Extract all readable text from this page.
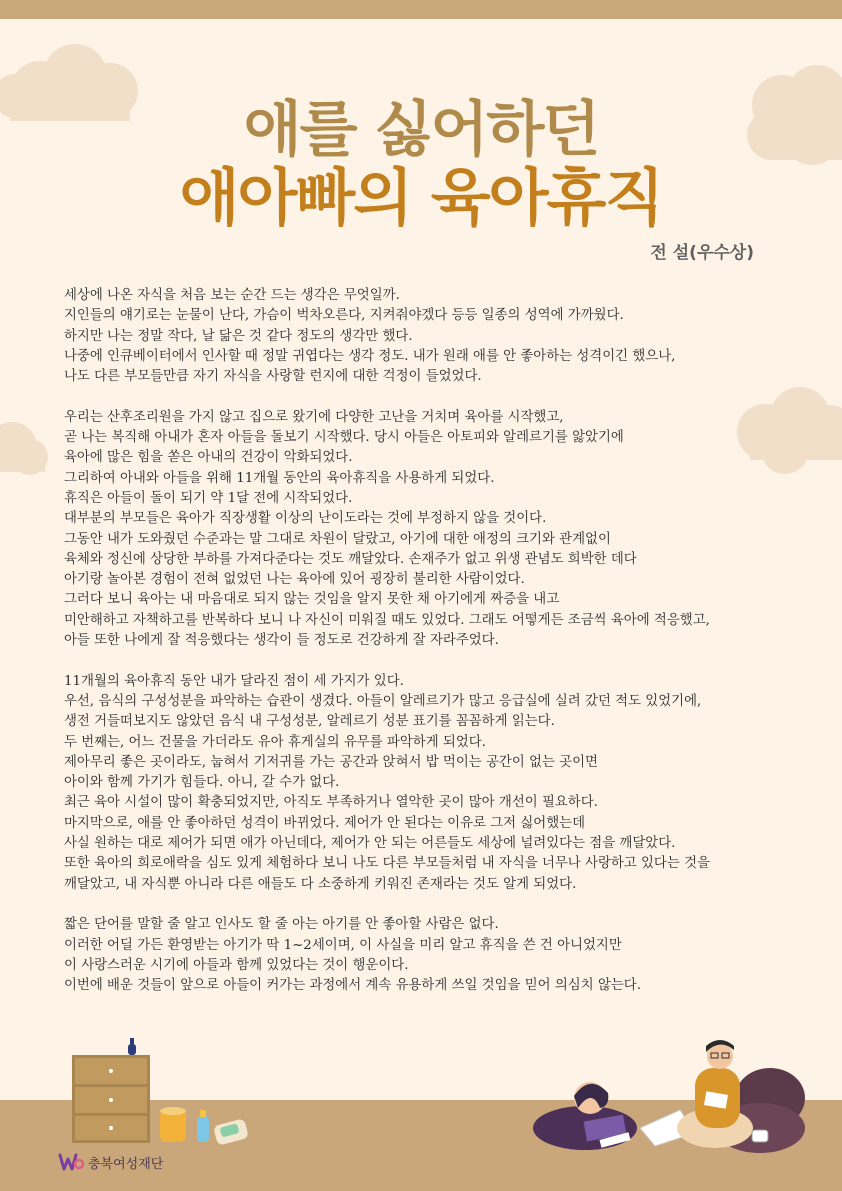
애를 싫어하던
애아빠의 육아휴직
전 설(우수상)

세상에 나온 자식을 처음 보는 순간 드는 생각은 무엇일까.

지인들의 얘기로는 눈물이 난다, 가슴이 벅차오른다, 지켜줘야겠다 등등 일종의 성역에 가까웠다.

하지만 나는 정말 작다, 날 닮은 것 같다 정도의 생각만 했다.

나중에 인큐베이터에서 인사할 때 정말 귀엽다는 생각 정도. 내가 원래 애를 안 좋아하는 성격이긴 했으나,

나도 다른 부모들만큼 자기 자식을 사랑할 런지에 대한 걱정이 들었었다.

우리는 산후조리원을 가지 않고 집으로 왔기에 다양한 고난을 거치며 육아를 시작했고,

곧 나는 복직해 아내가 혼자 아들을 돌보기 시작했다. 당시 아들은 아토피와 알레르기를 앓았기에

육아에 많은 힘을 쏟은 아내의 건강이 악화되었다.

그리하여 아내와 아들을 위해 11개월 동안의 육아휴직을 사용하게 되었다.

휴직은 아들이 돌이 되기 약 1달 전에 시작되었다.

대부분의 부모들은 육아가 직장생활 이상의 난이도라는 것에 부정하지 않을 것이다.

그동안 내가 도와줬던 수준과는 말 그대로 차원이 달랐고, 아기에 대한 애정의 크기와 관계없이

육체와 정신에 상당한 부하를 가져다준다는 것도 깨달았다. 손재주가 없고 위생 관념도 희박한 데다

아기랑 놀아본 경험이 전혀 없었던 나는 육아에 있어 굉장히 불리한 사람이었다.

그러다 보니 육아는 내 마음대로 되지 않는 것임을 알지 못한 채 아기에게 짜증을 내고

미안해하고 자책하고를 반복하다 보니 나 자신이 미워질 때도 있었다. 그래도 어떻게든 조금씩 육아에 적응했고,

아들 또한 나에게 잘 적응했다는 생각이 들 정도로 건강하게 잘 자라주었다.

11개월의 육아휴직 동안 내가 달라진 점이 세 가지가 있다.

우선, 음식의 구성성분을 파악하는 습관이 생겼다. 아들이 알레르기가 많고 응급실에 실려 갔던 적도 있었기에,

생전 거들떠보지도 않았던 음식 내 구성성분, 알레르기 성분 표기를 꼼꼼하게 읽는다.

두 번째는, 어느 건물을 가더라도 유아 휴게실의 유무를 파악하게 되었다.

제아무리 좋은 곳이라도, 눕혀서 기저귀를 가는 공간과 앉혀서 밥 먹이는 공간이 없는 곳이면

아이와 함께 가기가 힘들다. 아니, 갈 수가 없다.

최근 육아 시설이 많이 확충되었지만, 아직도 부족하거나 열악한 곳이 많아 개선이 필요하다.

마지막으로, 애를 안 좋아하던 성격이 바뀌었다. 제어가 안 된다는 이유로 그저 싫어했는데

사실 원하는 대로 제어가 되면 애가 아닌데다, 제어가 안 되는 어른들도 세상에 널려있다는 점을 깨달았다.

또한 육아의 희로애락을 심도 있게 체험하다 보니 나도 다른 부모들처럼 내 자식을 너무나 사랑하고 있다는 것을

깨달았고, 내 자식뿐 아니라 다른 애들도 다 소중하게 키워진 존재라는 것도 알게 되었다.

짧은 단어를 말할 줄 알고 인사도 할 줄 아는 아기를 안 좋아할 사람은 없다.

이러한 어딜 가든 환영받는 아기가 딱 1~2세이며, 이 사실을 미리 알고 휴직을 쓴 건 아니었지만

이 사랑스러운 시기에 아들과 함께 있었다는 것이 행운이다.

이번에 배운 것들이 앞으로 아들이 커가는 과정에서 계속 유용하게 쓰일 것임을 믿어 의심치 않는다.

충북여성재단
